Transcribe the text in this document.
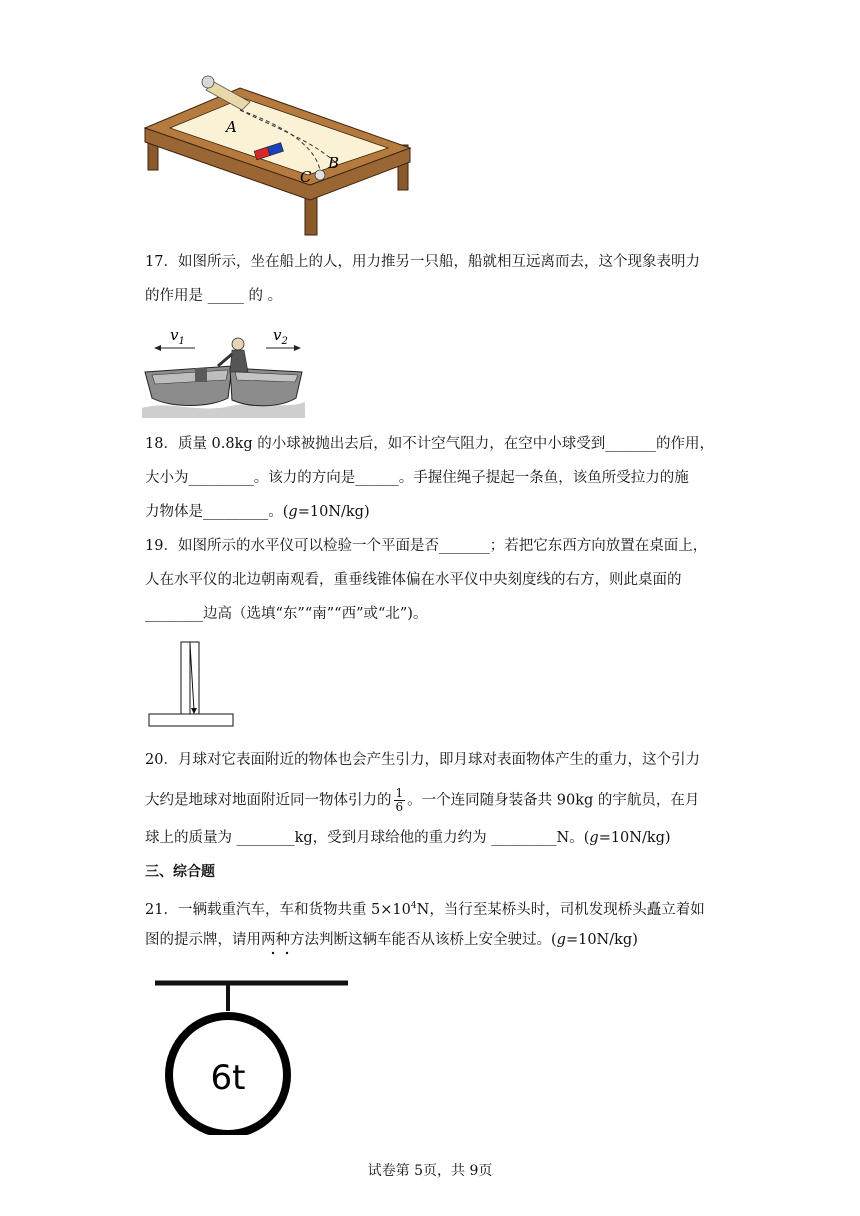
A
B
C
17．如图所示，坐在船上的人，用力推另一只船，船就相互远离而去，这个现象表明力
的作用是 _____ 的 。
$v_1$	$v_2$
18．质量 0.8kg 的小球被抛出去后，如不计空气阻力，在空中小球受到_______的作用，
大小为_________。该力的方向是______。手握住绳子提起一条鱼，该鱼所受拉力的施
力物体是_________。(g=10N/kg)
19．如图所示的水平仪可以检验一个平面是否_______；若把它东西方向放置在桌面上，
人在水平仪的北边朝南观看，重垂线锥体偏在水平仪中央刻度线的右方，则此桌面的
________边高（选填“东”“南”“西”或“北”)。
20．月球对它表面附近的物体也会产生引力，即月球对表面物体产生的重力，这个引力
大约是地球对地面附近同一物体引力的 $\frac{1}{6}$ 。一个连同随身装备共 90kg 的宇航员，在月
球上的质量为 ________kg，受到月球给他的重力约为 _________N。(g=10N/kg)
三、综合题
21．一辆载重汽车，车和货物共重 $5\times 10^4N$，当行至某桥头时，司机发现桥头矗立着如
图的提示牌，请用两种方法判断这辆车能否从该桥上安全驶过。(g=10N/kg)
6t
试卷第 5页，共 9页
